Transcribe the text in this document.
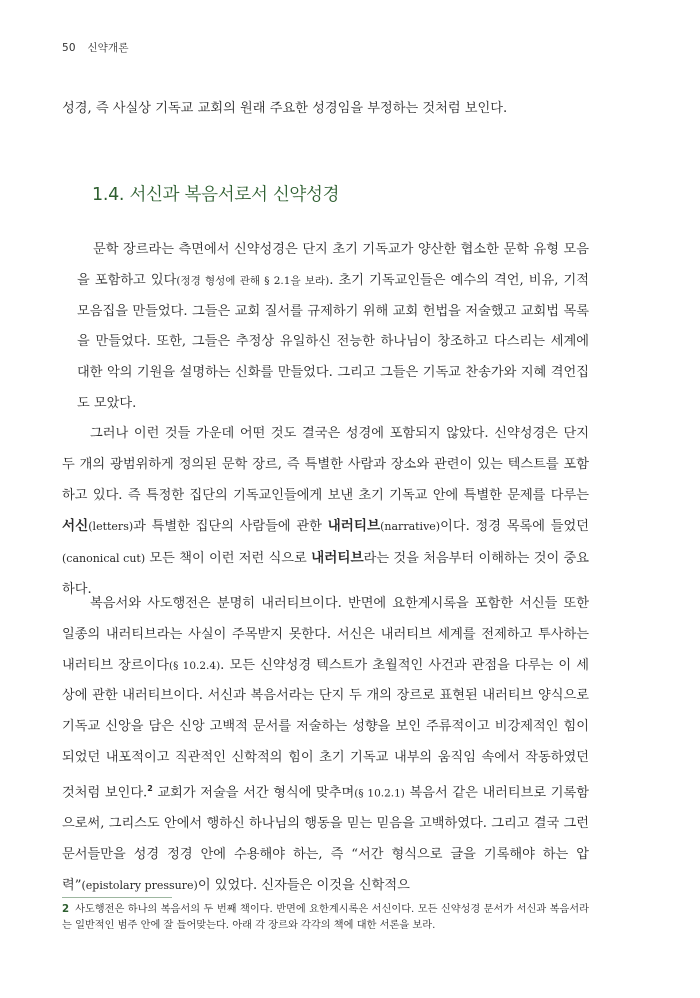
50 신약개론

성경, 즉 사실상 기독교 교회의 원래 주요한 성경임을 부정하는 것처럼 보인다.

1.4. 서신과 복음서로서 신약성경

문학 장르라는 측면에서 신약성경은 단지 초기 기독교가 양산한 협소한 문학 유형 모음을 포함하고 있다(정경 형성에 관해 § 2.1을 보라). 초기 기독교인들은 예수의 격언, 비유, 기적 모음집을 만들었다. 그들은 교회 질서를 규제하기 위해 교회 헌법을 저술했고 교회법 목록을 만들었다. 또한, 그들은 추정상 유일하신 전능한 하나님이 창조하고 다스리는 세계에 대한 악의 기원을 설명하는 신화를 만들었다. 그리고 그들은 기독교 찬송가와 지혜 격언집도 모았다.

그러나 이런 것들 가운데 어떤 것도 결국은 성경에 포함되지 않았다. 신약성경은 단지 두 개의 광범위하게 정의된 문학 장르, 즉 특별한 사람과 장소와 관련이 있는 텍스트를 포함하고 있다. 즉 특정한 집단의 기독교인들에게 보낸 초기 기독교 안에 특별한 문제를 다루는 서신(letters)과 특별한 집단의 사람들에 관한 내러티브(narrative)이다. 정경 목록에 들었던(canonical cut) 모든 책이 이런 저런 식으로 내러티브라는 것을 처음부터 이해하는 것이 중요하다.

복음서와 사도행전은 분명히 내러티브이다. 반면에 요한계시록을 포함한 서신들 또한 일종의 내러티브라는 사실이 주목받지 못한다. 서신은 내러티브 세계를 전제하고 투사하는 내러티브 장르이다(§ 10.2.4). 모든 신약성경 텍스트가 초월적인 사건과 관점을 다루는 이 세상에 관한 내러티브이다. 서신과 복음서라는 단지 두 개의 장르로 표현된 내러티브 양식으로 기독교 신앙을 담은 신앙 고백적 문서를 저술하는 성향을 보인 주류적이고 비강제적인 힘이 되었던 내포적이고 직관적인 신학적의 힘이 초기 기독교 내부의 움직임 속에서 작동하였던 것처럼 보인다.$^2$ 교회가 저술을 서간 형식에 맞추며(§ 10.2.1) 복음서 같은 내러티브로 기록함으로써, 그리스도 안에서 행하신 하나님의 행동을 믿는 믿음을 고백하였다. 그리고 결국 그런 문서들만을 성경 정경 안에 수용해야 하는, 즉 “서간 형식으로 글을 기록해야 하는 압력”(epistolary pressure)이 있었다. 신자들은 이것을 신학적으

2 사도행전은 하나의 복음서의 두 번째 책이다. 반면에 요한계시록은 서신이다. 모든 신약성경 문서가 서신과 복음서라는 일반적인 범주 안에 잘 들어맞는다. 아래 각 장르와 각각의 책에 대한 서론을 보라.
